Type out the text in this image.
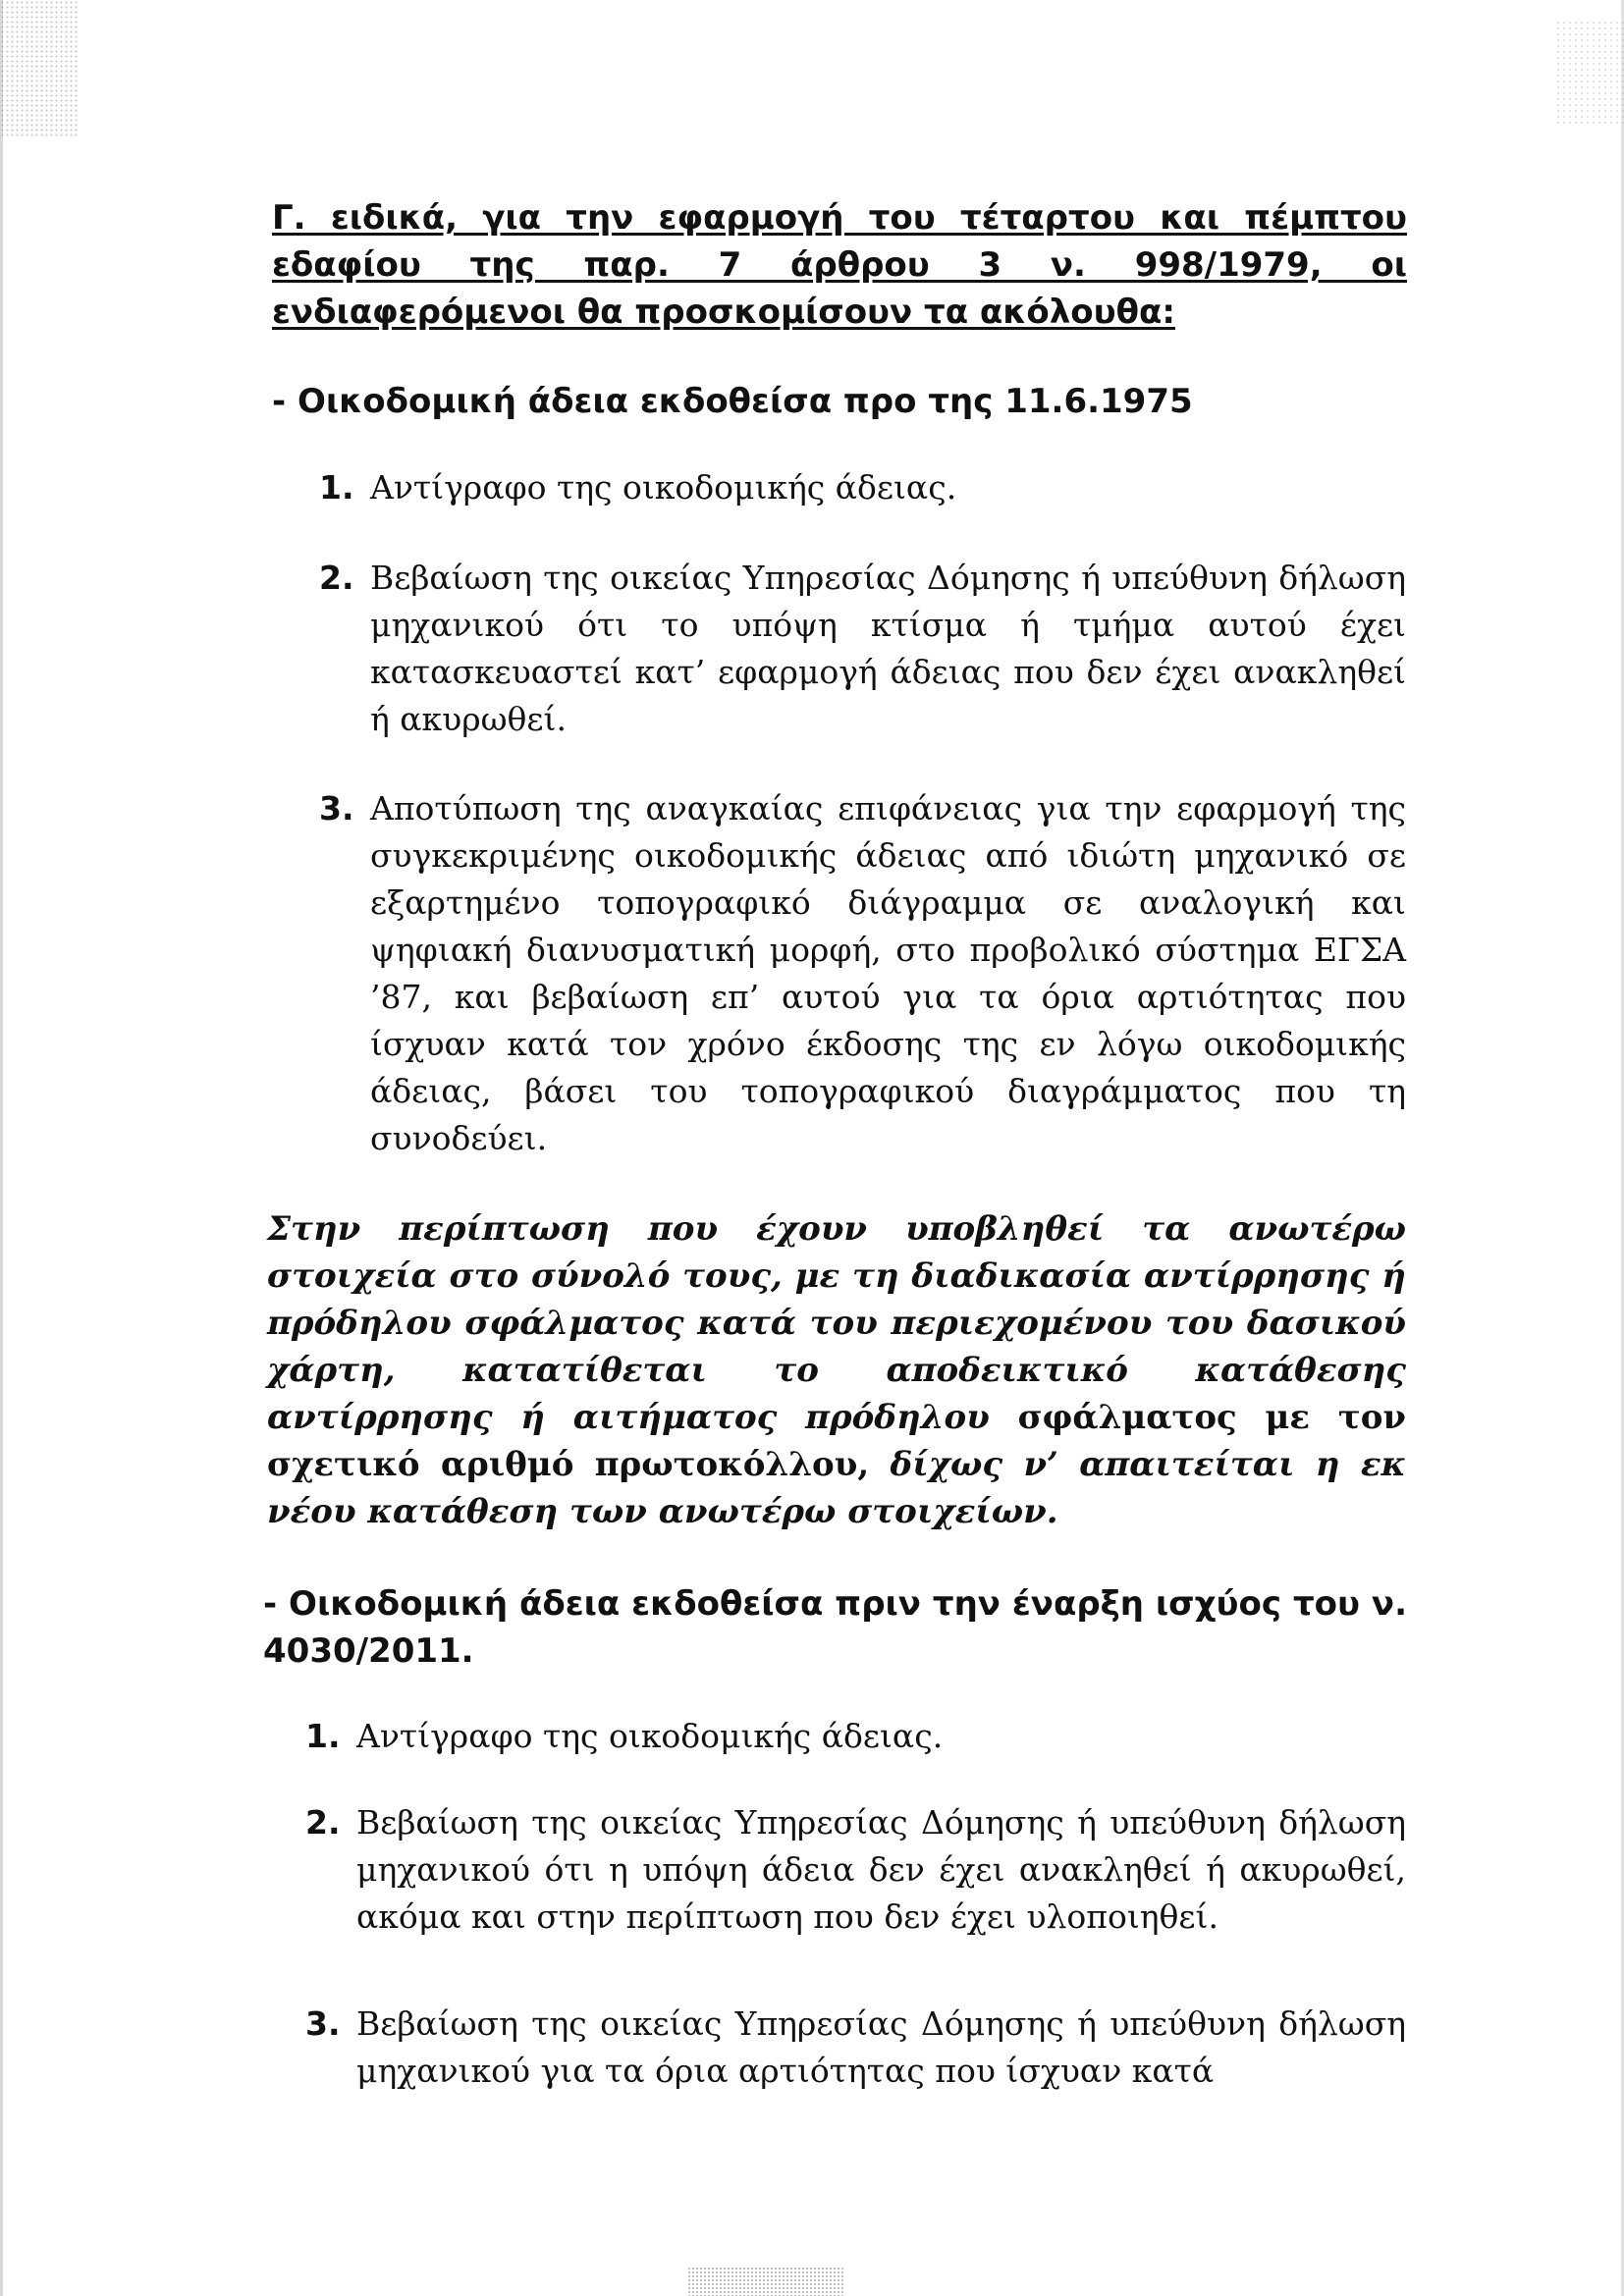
Γ. ειδικά, για την εφαρμογή του τέταρτου και πέμπτου εδαφίου της παρ. 7 άρθρου 3 ν. 998/1979, οι ενδιαφερόμενοι θα προσκομίσουν τα ακόλουθα:

- Οικοδομική άδεια εκδοθείσα προ της 11.6.1975

1. Αντίγραφο της οικοδομικής άδειας.
2. Βεβαίωση της οικείας Υπηρεσίας Δόμησης ή υπεύθυνη δήλωση μηχανικού ότι το υπόψη κτίσμα ή τμήμα αυτού έχει κατασκευαστεί κατ’ εφαρμογή άδειας που δεν έχει ανακληθεί ή ακυρωθεί.
3. Αποτύπωση της αναγκαίας επιφάνειας για την εφαρμογή της συγκεκριμένης οικοδομικής άδειας από ιδιώτη μηχανικό σε εξαρτημένο τοπογραφικό διάγραμμα σε αναλογική και ψηφιακή διανυσματική μορφή, στο προβολικό σύστημα ΕΓΣΑ ’87, και βεβαίωση επ’ αυτού για τα όρια αρτιότητας που ίσχυαν κατά τον χρόνο έκδοσης της εν λόγω οικοδομικής άδειας, βάσει του τοπογραφικού διαγράμματος που τη συνοδεύει.

Στην περίπτωση που έχουν υποβληθεί τα ανωτέρω στοιχεία στο σύνολό τους, με τη διαδικασία αντίρρησης ή πρόδηλου σφάλματος κατά του περιεχομένου του δασικού χάρτη, κατατίθεται το αποδεικτικό κατάθεσης αντίρρησης ή αιτήματος πρόδηλου σφάλματος με τον σχετικό αριθμό πρωτοκόλλου, δίχως ν’ απαιτείται η εκ νέου κατάθεση των ανωτέρω στοιχείων.

- Οικοδομική άδεια εκδοθείσα πριν την έναρξη ισχύος του ν. 4030/2011.

1. Αντίγραφο της οικοδομικής άδειας.
2. Βεβαίωση της οικείας Υπηρεσίας Δόμησης ή υπεύθυνη δήλωση μηχανικού ότι η υπόψη άδεια δεν έχει ανακληθεί ή ακυρωθεί, ακόμα και στην περίπτωση που δεν έχει υλοποιηθεί.
3. Βεβαίωση της οικείας Υπηρεσίας Δόμησης ή υπεύθυνη δήλωση μηχανικού για τα όρια αρτιότητας που ίσχυαν κατά
